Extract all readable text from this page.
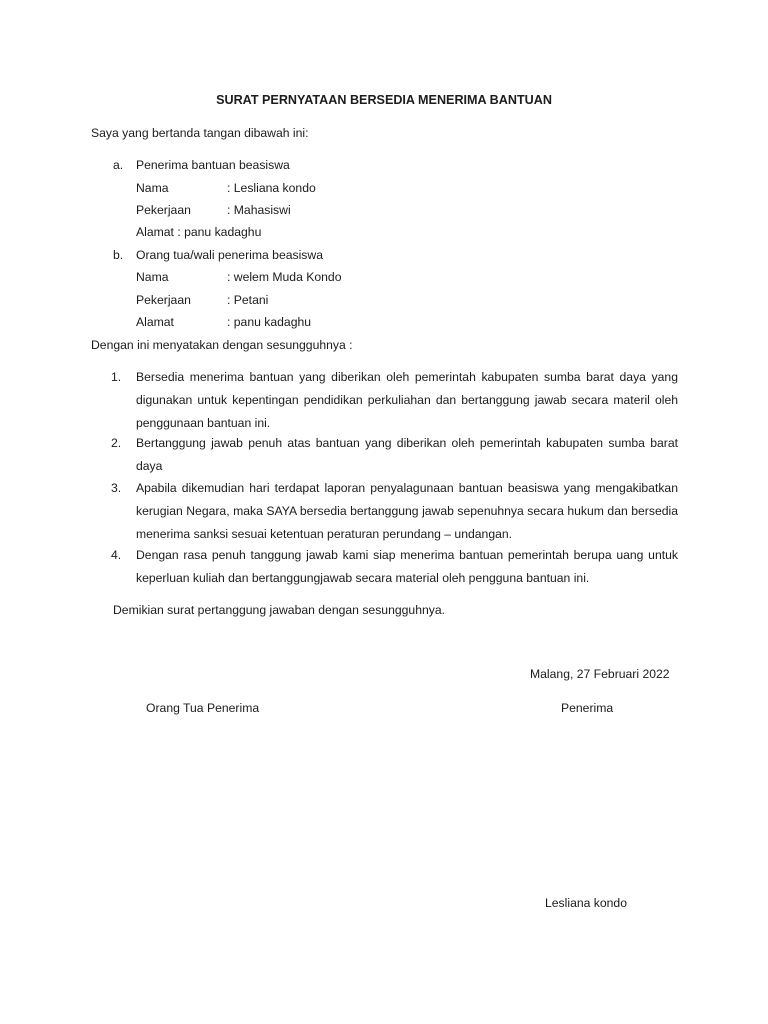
SURAT PERNYATAAN BERSEDIA MENERIMA BANTUAN
Saya yang bertanda tangan dibawah ini:
a. Penerima bantuan beasiswa
Nama	: Lesliana kondo
Pekerjaan	: Mahasiswi
Alamat : panu kadaghu
b. Orang tua/wali penerima beasiswa
Nama	: welem Muda Kondo
Pekerjaan	: Petani
Alamat	: panu kadaghu
Dengan ini menyatakan dengan sesungguhnya :
1. Bersedia menerima bantuan yang diberikan oleh pemerintah kabupaten sumba barat daya yang digunakan untuk kepentingan pendidikan perkuliahan dan bertanggung jawab secara materil oleh penggunaan bantuan ini.
2. Bertanggung jawab penuh atas bantuan yang diberikan oleh pemerintah kabupaten sumba barat daya
3. Apabila dikemudian hari terdapat laporan penyalagunaan bantuan beasiswa yang mengakibatkan kerugian Negara, maka SAYA bersedia bertanggung jawab sepenuhnya secara hukum dan bersedia menerima sanksi sesuai ketentuan peraturan perundang – undangan.
4. Dengan rasa penuh tanggung jawab kami siap menerima bantuan pemerintah berupa uang untuk keperluan kuliah dan bertanggungjawab secara material oleh pengguna bantuan ini.
Demikian surat pertanggung jawaban dengan sesungguhnya.
Malang, 27 Februari 2022
Orang Tua Penerima	Penerima
Lesliana kondo
